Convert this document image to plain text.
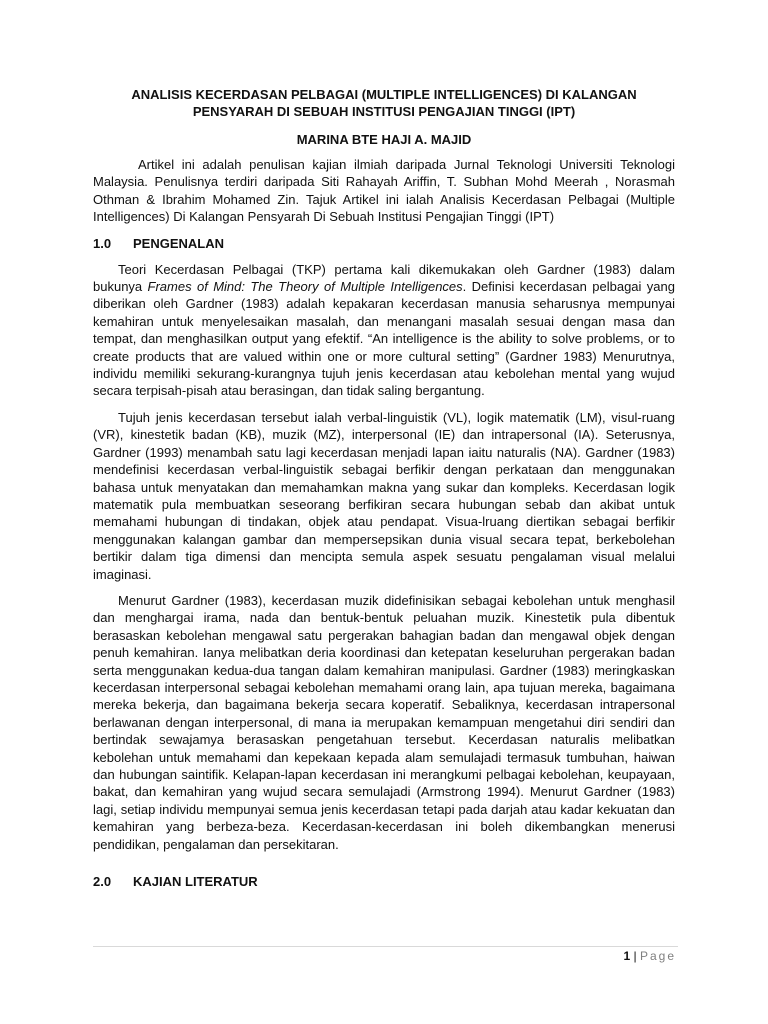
ANALISIS KECERDASAN PELBAGAI (MULTIPLE INTELLIGENCES) DI KALANGAN
PENSYARAH DI SEBUAH INSTITUSI PENGAJIAN TINGGI (IPT)

MARINA BTE HAJI A. MAJID

Artikel ini adalah penulisan kajian ilmiah daripada Jurnal Teknologi Universiti Teknologi Malaysia. Penulisnya terdiri daripada Siti Rahayah Ariffin, T. Subhan Mohd Meerah , Norasmah Othman & Ibrahim Mohamed Zin. Tajuk Artikel ini ialah Analisis Kecerdasan Pelbagai (Multiple Intelligences) Di Kalangan Pensyarah Di Sebuah Institusi Pengajian Tinggi (IPT)

1.0	PENGENALAN

Teori Kecerdasan Pelbagai (TKP) pertama kali dikemukakan oleh Gardner (1983) dalam bukunya Frames of Mind: The Theory of Multiple Intelligences. Definisi kecerdasan pelbagai yang diberikan oleh Gardner (1983) adalah kepakaran kecerdasan manusia seharusnya mempunyai kemahiran untuk menyelesaikan masalah, dan menangani masalah sesuai dengan masa dan tempat, dan menghasilkan output yang efektif. “An intelligence is the ability to solve problems, or to create products that are valued within one or more cultural setting” (Gardner 1983) Menurutnya, individu memiliki sekurang-kurangnya tujuh jenis kecerdasan atau kebolehan mental yang wujud secara terpisah-pisah atau berasingan, dan tidak saling bergantung.

Tujuh jenis kecerdasan tersebut ialah verbal-linguistik (VL), logik matematik (LM), visul-ruang (VR), kinestetik badan (KB), muzik (MZ), interpersonal (IE) dan intrapersonal (IA). Seterusnya, Gardner (1993) menambah satu lagi kecerdasan menjadi lapan iaitu naturalis (NA). Gardner (1983) mendefinisi kecerdasan verbal-linguistik sebagai berfikir dengan perkataan dan menggunakan bahasa untuk menyatakan dan memahamkan makna yang sukar dan kompleks. Kecerdasan logik matematik pula membuatkan seseorang berfikiran secara hubungan sebab dan akibat untuk memahami hubungan di tindakan, objek atau pendapat. Visua-lruang diertikan sebagai berfikir menggunakan kalangan gambar dan mempersepsikan dunia visual secara tepat, berkebolehan bertikir dalam tiga dimensi dan mencipta semula aspek sesuatu pengalaman visual melalui imaginasi.

Menurut Gardner (1983), kecerdasan muzik didefinisikan sebagai kebolehan untuk menghasil dan menghargai irama, nada dan bentuk-bentuk peluahan muzik. Kinestetik pula dibentuk berasaskan kebolehan mengawal satu pergerakan bahagian badan dan mengawal objek dengan penuh kemahiran. Ianya melibatkan deria koordinasi dan ketepatan keseluruhan pergerakan badan serta menggunakan kedua-dua tangan dalam kemahiran manipulasi. Gardner (1983) meringkaskan kecerdasan interpersonal sebagai kebolehan memahami orang lain, apa tujuan mereka, bagaimana mereka bekerja, dan bagaimana bekerja secara koperatif. Sebaliknya, kecerdasan intrapersonal berlawanan dengan interpersonal, di mana ia merupakan kemampuan mengetahui diri sendiri dan bertindak sewajamya berasaskan pengetahuan tersebut. Kecerdasan naturalis melibatkan kebolehan untuk memahami dan kepekaan kepada alam semulajadi termasuk tumbuhan, haiwan dan hubungan saintifik. Kelapan-lapan kecerdasan ini merangkumi pelbagai kebolehan, keupayaan, bakat, dan kemahiran yang wujud secara semulajadi (Armstrong 1994). Menurut Gardner (1983) lagi, setiap individu mempunyai semua jenis kecerdasan tetapi pada darjah atau kadar kekuatan dan kemahiran yang berbeza-beza. Kecerdasan-kecerdasan ini boleh dikembangkan menerusi pendidikan, pengalaman dan persekitaran.

2.0	KAJIAN LITERATUR
1 | Page
